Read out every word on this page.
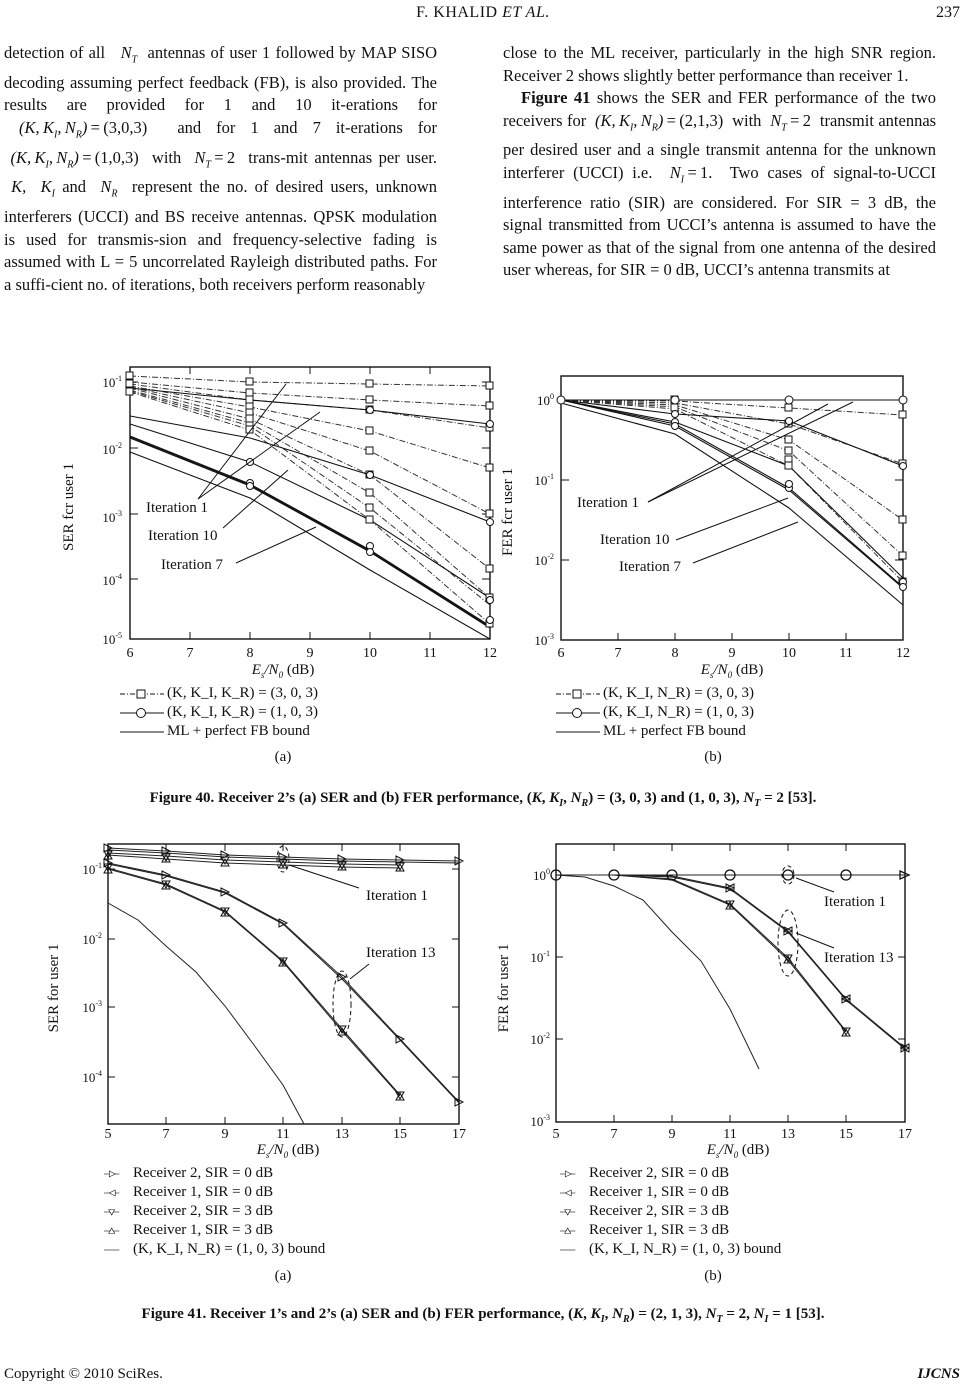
F. KHALID ET AL.	237

detection of all   $N_T$ antennas of user 1 followed by MAP SISO decoding assuming perfect feedback (FB), is also provided. The results are provided for 1 and 10 it-erations for  (K, $K_I$, $N_R) = (3,0,3)$ and for 1 and 7 it-erations for  (K, $K_I$, $N_R) = (1,0,3)$ with  $N_T = 2$ trans-mit antennas per user.  K,  $K_I$ and  $N_R$ represent the no. of desired users, unknown interferers (UCCI) and BS receive antennas. QPSK modulation is used for transmis-sion and frequency-selective fading is assumed with L = 5 uncorrelated Rayleigh distributed paths. For a suffi-cient no. of iterations, both receivers perform reasonably

close to the ML receiver, particularly in the high SNR region. Receiver 2 shows slightly better performance than receiver 1.

Figure 41 shows the SER and FER performance of the two receivers for  (K, $K_I$, $N_R) = (2,1,3)$ with  $N_T = 2$ transmit antennas per desired user and a single transmit antenna for the unknown interferer (UCCI) i.e.  $N_I = 1$. Two cases of signal-to-UCCI interference ratio (SIR) are considered. For SIR = 3 dB, the signal transmitted from UCCI’s antenna is assumed to have the same power as that of the signal from one antenna of the desired user whereas, for SIR = 0 dB, UCCI’s antenna transmits at

SER fcr user 1
$10^{-1}$
$10^{-2}$
$10^{-3}$
$10^{-4}$
$10^{-5}$
6	7	8	9	10	11	12
Iteration 1
Iteration 10
Iteration 7
$E_s/N_0$ (dB)
(K, K_I, K_R) = (3, 0, 3)
(K, K_I, K_R) = (1, 0, 3)
ML + perfect FB bound
(a)
FER fcr user 1
$10^0$
$10^{-1}$
$10^{-2}$
$10^{-3}$
6	7	8	9	10	11	12
Iteration 1
Iteration 10
Iteration 7
$E_s/N_0$ (dB)
(K, K_I, N_R) = (3, 0, 3)
(K, K_I, N_R) = (1, 0, 3)
ML + perfect FB bound
(b)
Figure 40. Receiver 2’s (a) SER and (b) FER performance, (K, $K_I$, $N_R) = (3$, 0, 3) and (1, 0, 3), $N_T = 2$ [53].
SER for user 1
$10^{-1}$
$10^{-2}$
$10^{-3}$
$10^{-4}$
5	7	9	11	13	15	17
Iteration 1
Iteration 13
$E_s/N_0$ (dB)
Receiver 2, SIR = 0 dB
Receiver 1, SIR = 0 dB
Receiver 2, SIR = 3 dB
Receiver 1, SIR = 3 dB
(K, K_I, N_R) = (1, 0, 3) bound
(a)
FER for user 1
$10^0$
$10^{-1}$
$10^{-2}$
$10^{-3}$
5	7	9	11	13	15	17
Iteration 1
Iteration 13
$E_s/N_0$ (dB)
Receiver 2, SIR = 0 dB
Receiver 1, SIR = 0 dB
Receiver 2, SIR = 3 dB
Receiver 1, SIR = 3 dB
(K, K_I, N_R) = (1, 0, 3) bound
(b)
Figure 41. Receiver 1’s and 2’s (a) SER and (b) FER performance, (K, $K_I$, $N_R) = (2$, 1, 3), $N_T = 2$, $N_I = 1$ [53].
Copyright © 2010 SciRes.	IJCNS
